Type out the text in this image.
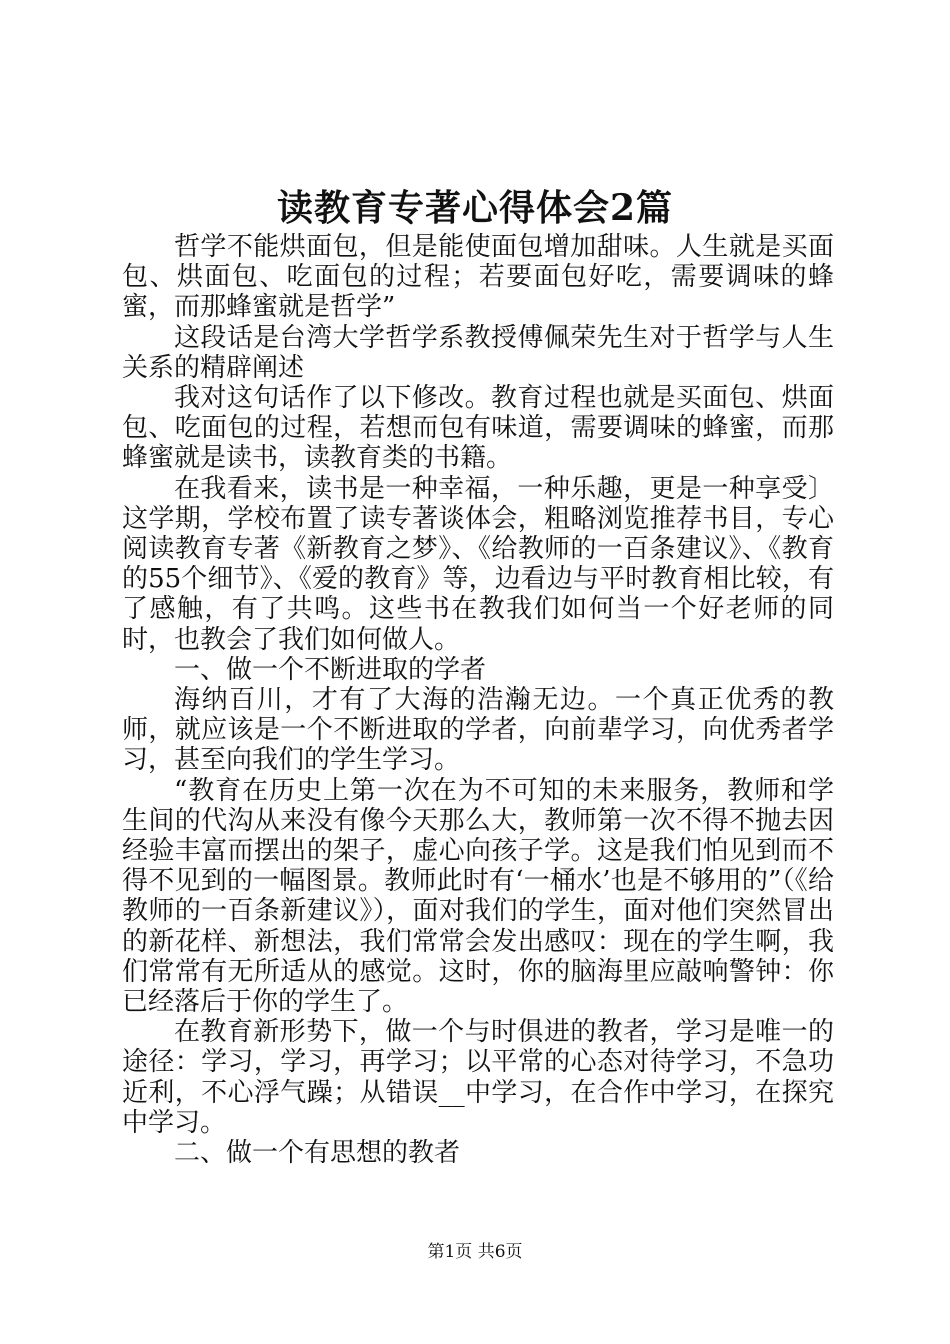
读教育专著心得体会2篇

哲学不能烘面包，但是能使面包增加甜味。人生就是买面包、烘面包、吃面包的过程；若要面包好吃，需要调味的蜂蜜，而那蜂蜜就是哲学”

这段话是台湾大学哲学系教授傅佩荣先生对于哲学与人生关系的精辟阐述

我对这句话作了以下修改。教育过程也就是买面包、烘面包、吃面包的过程，若想而包有味道，需要调味的蜂蜜，而那蜂蜜就是读书，读教育类的书籍。

在我看来，读书是一种幸福，一种乐趣，更是一种享受〕这学期，学校布置了读专著谈体会，粗略浏览推荐书目，专心阅读教育专著《新教育之梦》、《给教师的一百条建议》、《教育的55个细节》、《爱的教育》等，边看边与平时教育相比较，有了感触，有了共鸣。这些书在教我们如何当一个好老师的同时，也教会了我们如何做人。

一、做一个不断进取的学者

海纳百川，才有了大海的浩瀚无边。一个真正优秀的教师，就应该是一个不断进取的学者，向前辈学习，向优秀者学习，甚至向我们的学生学习。

“教育在历史上第一次在为不可知的未来服务，教师和学生间的代沟从来没有像今天那么大，教师第一次不得不抛去因经验丰富而摆出的架子，虚心向孩子学。这是我们怕见到而不得不见到的一幅图景。教师此时有‘一桶水’也是不够用的”（《给教师的一百条新建议》），面对我们的学生，面对他们突然冒出的新花样、新想法，我们常常会发出感叹：现在的学生啊，我们常常有无所适从的感觉。这时，你的脑海里应敲响警钟：你已经落后于你的学生了。

在教育新形势下，做一个与时俱进的教者，学习是唯一的途径：学习，学习，再学习；以平常的心态对待学习，不急功近利，不心浮气躁；从错误__中学习，在合作中学习，在探究中学习。

二、做一个有思想的教者

第1页 共6页
